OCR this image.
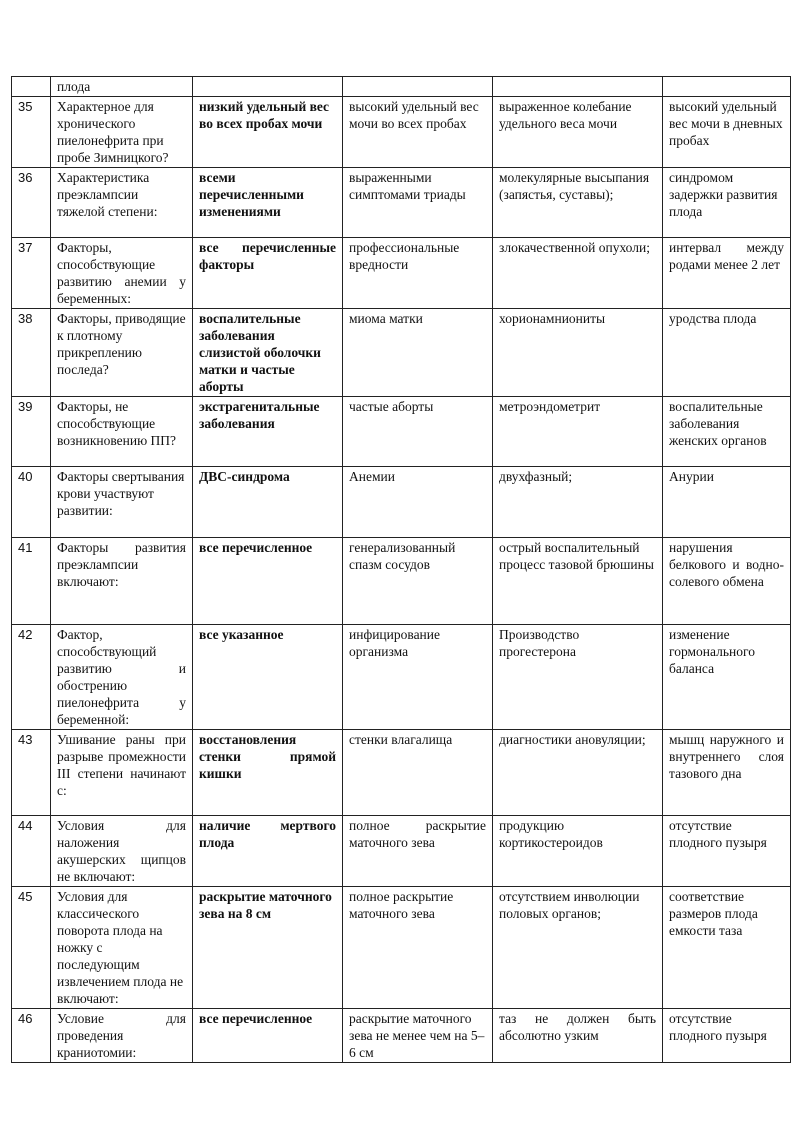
	плода				
35	Характерное для хронического пиелонефрита при пробе Зимницкого?	низкий удельный вес во всех пробах мочи	высокий удельный вес мочи во всех пробах	выраженное колебание удельного веса мочи	высокий удельный вес мочи в дневных пробах
36	Характеристика преэклампсии тяжелой степени:	всеми перечисленными изменениями	выраженными симптомами триады	молекулярные высыпания (запястья, суставы);	синдромом задержки развития плода
37	Факторы, способствующие развитию анемии у беременных:	все перечисленные факторы	профессиональные вредности	злокачественной опухоли;	интервал между родами менее 2 лет
38	Факторы, приводящие к плотному прикреплению последа?	воспалительные заболевания слизистой оболочки матки и частые аборты	миома матки	хорионамниониты	уродства плода
39	Факторы, не способствующие возникновению ПП?	экстрагенитальные заболевания	частые аборты	метроэндометрит	воспалительные заболевания женских органов
40	Факторы свертывания крови участвуют развитии:	ДВС-синдрома	Анемии	двухфазный;	Анурии
41	Факторы развития преэклампсии включают:	все перечисленное	генерализованный спазм сосудов	острый воспалительный процесс тазовой брюшины	нарушения белкового и водно-солевого обмена
42	Фактор, способствующий развитию и обострению пиелонефрита у беременной:	все указанное	инфицирование организма	Производство прогестерона	изменение гормонального баланса
43	Ушивание раны при разрыве промежности III степени начинают с:	восстановления стенки прямой кишки	стенки влагалища	диагностики ановуляции;	мышц наружного и внутреннего слоя тазового дна
44	Условия для наложения акушерских щипцов не включают:	наличие мертвого плода	полное раскрытие маточного зева	продукцию кортикостероидов	отсутствие плодного пузыря
45	Условия для классического поворота плода на ножку с последующим извлечением плода не включают:	раскрытие маточного зева на 8 см	полное раскрытие маточного зева	отсутствием инволюции половых органов;	соответствие размеров плода емкости таза
46	Условие для проведения краниотомии:	все перечисленное	раскрытие маточного зева не менее чем на 5–6 см	таз не должен быть абсолютно узким	отсутствие плодного пузыря
